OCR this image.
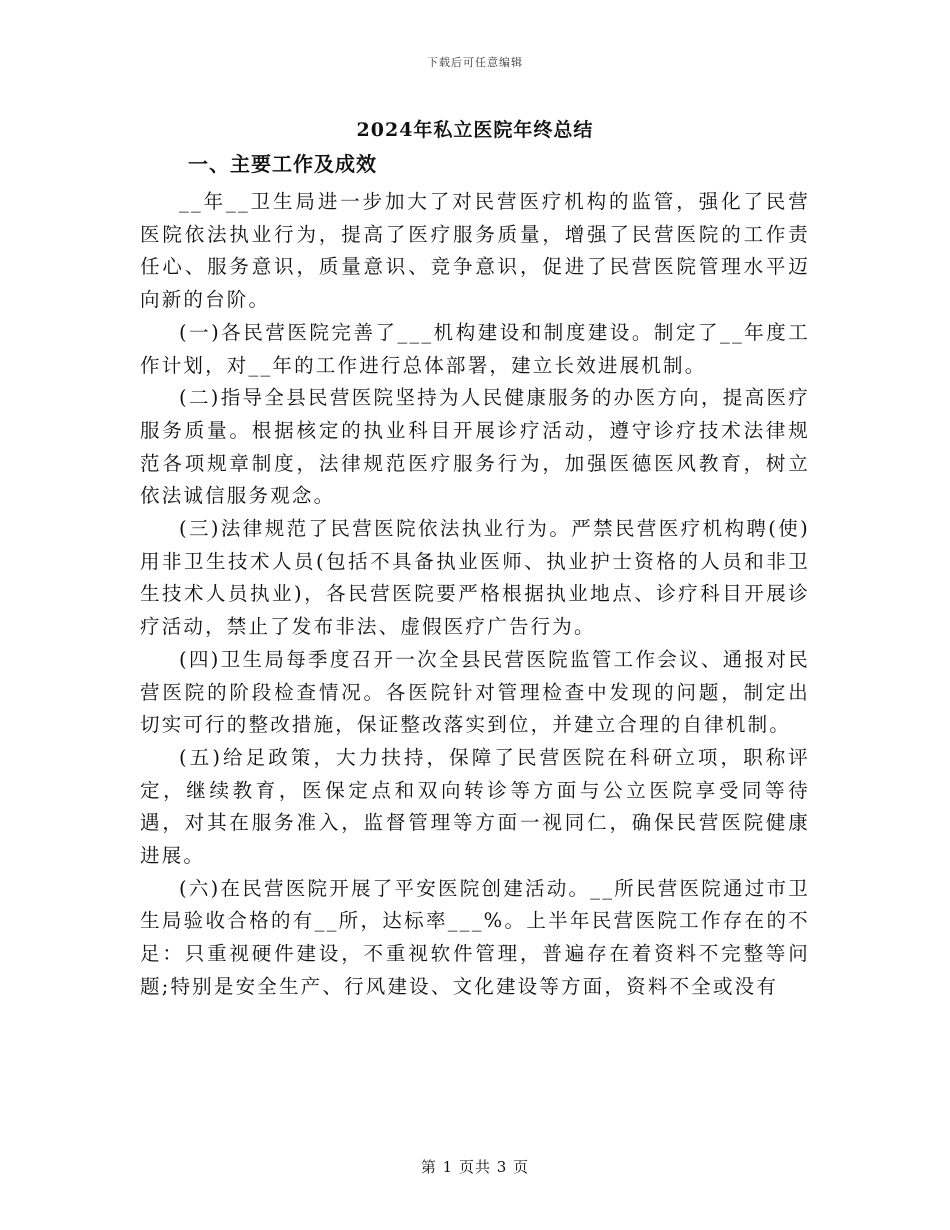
下载后可任意编辑
2024年私立医院年终总结
一、主要工作及成效

__年__卫生局进一步加大了对民营医疗机构的监管，强化了民营医院依法执业行为，提高了医疗服务质量，增强了民营医院的工作责任心、服务意识，质量意识、竞争意识，促进了民营医院管理水平迈向新的台阶。

(一)各民营医院完善了___机构建设和制度建设。制定了__年度工作计划，对__年的工作进行总体部署，建立长效进展机制。

(二)指导全县民营医院坚持为人民健康服务的办医方向，提高医疗服务质量。根据核定的执业科目开展诊疗活动，遵守诊疗技术法律规范各项规章制度，法律规范医疗服务行为，加强医德医风教育，树立依法诚信服务观念。

(三)法律规范了民营医院依法执业行为。严禁民营医疗机构聘(使)用非卫生技术人员(包括不具备执业医师、执业护士资格的人员和非卫生技术人员执业)，各民营医院要严格根据执业地点、诊疗科目开展诊疗活动，禁止了发布非法、虚假医疗广告行为。

(四)卫生局每季度召开一次全县民营医院监管工作会议、通报对民营医院的阶段检查情况。各医院针对管理检查中发现的问题，制定出切实可行的整改措施，保证整改落实到位，并建立合理的自律机制。

(五)给足政策，大力扶持，保障了民营医院在科研立项，职称评定，继续教育，医保定点和双向转诊等方面与公立医院享受同等待遇，对其在服务准入，监督管理等方面一视同仁，确保民营医院健康进展。

(六)在民营医院开展了平安医院创建活动。__所民营医院通过市卫生局验收合格的有__所，达标率___%。上半年民营医院工作存在的不足：只重视硬件建设，不重视软件管理，普遍存在着资料不完整等问题;特别是安全生产、行风建设、文化建设等方面，资料不全或没有

第 1 页共 3 页
